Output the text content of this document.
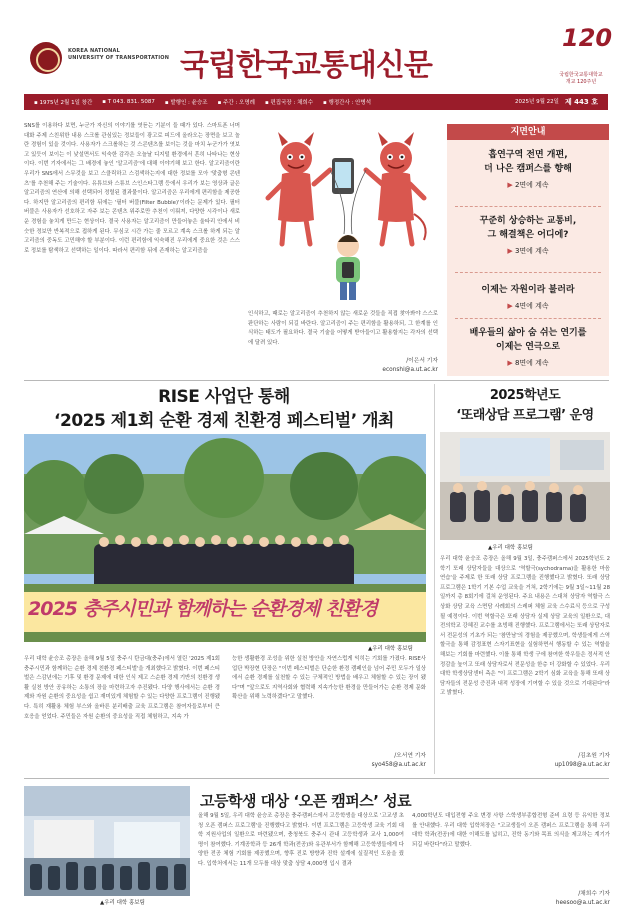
KOREA NATIONAL
UNIVERSITY OF TRANSPORTATION 국립한국교통대신문
120
국립한국교통대학교
개교 120주년
▪ 1975년 2월 1일 창간 ▪ T 043. 831. 5087 ▪ 발행인 : 윤승조 ▪ 주간 : 오명례 ▪ 편집국장 : 채희수 ▪ 행정간사 : 안병석	2025년 9월 22일 제 443 호
SNS를 이용하다 보면, 누군가 자신의 이야기를 엿듣는 기분이 들 때가 있다. 스마트폰 너머 대화 주제 스친위한 내용 스크롤 관심있는 정보들이 광고로 피드에 올라오는 장면을 보고 놀란 경험이 있을 것이다. 사용자가 스크롤하는 것 스콘텐츠를 보이는 것을 마치 누군가가 엿보고 있듯이 보이는 이 낯설면서도 익숙한 감각은 오늘날 디지털 환경에서 흔히 나타나는 현상이다. 이번 기자에서는 그 배경에 놓인 '알고리즘'에 대해 이야기해 보고 한다. 알고리즘이란 우리가 SNS에서 스무것을 보고 스클릭하고 스검색하는지에 대한 정보를 모아 '맞춤형 콘텐츠'를 추천해 주는 기술이다. 유튜브와 스튜브 스인스타그램 등에서 우리가 보는 영상과 글은 알고리즘의 연산에 의해 선택되어 정렬된 결과물이다. 알고리즘은 우리에게 편리함을 제공한다. 하지만 알고리즘의 편리함 뒤에는 '필터 버블(Filter Bubble)'이라는 문제가 있다. 필터 버블은 사용자가 선호하고 자주 보는 콘텐츠 위주로만 추천이 이뤄져, 다양한 시각이나 새로운 경험을 놓치게 만드는 현상이다. 결국 사용자는 알고리즘이 만들어놓은 울타리 안에서 비슷한 정보만 반복적으로 접하게 된다. 무심코 시간 가는 줄 모르고 계속 스크롤 하게 되는 알고리즘의 중독도 고민해야 할 부분이다. 이런 편리함에 익숙해진 우리에게 중요한 것은 스스로 정보를 탐색하고 선택하는 일이다. 따라서 편리함 뒤에 존재하는 알고리즘을
인식하고, 때로는 알고리즘이 추천하지 않는 새로운 것들을 직접 찾아봐야 스스로 판단하는 사람이 되길 바란다. 알고리즘이 주는 편리함을 활용하되, 그 한계를 인식하는 태도가 필요하다. 결국 기술을 어떻게 받아들이고 활용할지는 각자의 선택에 달려 있다.
/이은서 기자
econshi@a.ut.ac.kr
지면안내
흡연구역 전면 개편,
더 나은 캠퍼스를 향해
▶ 2면에 계속
꾸준히 상승하는 교통비,
그 해결책은 어디에?
▶ 3면에 계속
이제는 자원이라 불러라
▶ 4면에 계속
배우들의 삶아 숨 쉬는 연기를
이제는 연극으로
▶ 8면에 계속
RISE 사업단 통해
‘2025 제1회 순환 경제 친환경 페스티벌’ 개최
2025 충주시민과 함께하는 순환경제 친환경
▲우리 대학 홍보팀
우리 대학 윤승조 총장은 올해 9월 5일 충주시 탄금대(충주)에서 열린 '2025 제1회 충주시민과 함께하는 순환 경제 친환경 페스티벌'을 개최했다고 밝혔다. 이번 페스티벌은 스감년에는 기후 및 환경 문제에 대한 인식 제고 스순환 경제 기반의 친환경 생활 실천 방안 공유하는 소통의 장을 마련하고자 추진됐다. 다양 행사에서는 순환 경제와 자원 순환의 중요성을 쉽고 재미있게 체험할 수 있는 다양한 프로그램이 진행됐다. 특히 재활용 체험 부스와 올바른 분리배출 교육 프로그램은 참여자들로부터 큰 호응을 얻었다. 주민들은 자원 순환의 중요성을 직접 체험하고, 지속 가
능한 생활환경 조성을 위한 실천 방안을 자연스럽게 익히는 기회를 가졌다. RISE사업단 박장현 단장은 "이번 페스티벌은 단순한 환경 캠페인을 넘어 주민 모두가 일상에서 순환 경제를 실천할 수 있는 구체적인 방법을 배우고 체험할 수 있는 장이 됐다"며 "앞으로도 지역사회와 협력해 지속가능한 환경을 만들어가는 순환 경제 문화 확산을 위해 노력하겠다"고 말했다.
/오서연 기자
syo458@a.ut.ac.kr
2025학년도
‘또래상담 프로그램’ 운영
▲우리 대학 홍보팀
우리 대학 윤승조 총장은 올해 9월 3일, 충주캠퍼스에서 2025학년도 2학기 또래 상담자들을 대상으로 '역할극(sychodrama)을 활용한 마음 연습'을 주제로 한 또래 상담 프로그램을 진행했다고 밝혔다. 또래 상담 프로그램은 1학기 기본 수업 교육을 거쳐, 2학기에는 9월 3일~11월 28일까지 총 8회기에 걸쳐 운영된다. 주요 내용은 스대처 상담자 역할극 스상화 상담 교육 스면담 사례회의 스레퍼 체험 교육 스수료식 등으로 구성될 예정이다. 이번 역할극은 또래 상담자 실제 상담 교육의 일환으로, 대전의학교 강혜진 교수를 초빙해 진행했다. 프로그램에서는 또래 상담자로서 전문성의 기초가 되는 '참만남'의 경험을 제공했으며, 학생들에게 스역할극을 통해 감정표현 스자기표현을 실험하면서 행동할 수 있는 역할을 해보는 기회를 마련했다. 이를 통해 학생 구에 참여한 학우들은 정서적 안정감을 높이고 또래 상담자로서 전문성을 한층 더 강화할 수 있었다. 우리 대학 학생상담센터 측은 "이 프로그램은 2학기 심화 교육을 통해 또래 상담자들의 전문성 증진과 내적 성장에 기여할 수 있을 것으로 기대된다"라고 밝혔다.
/김초원 기자
up1098@a.ut.ac.kr
고등학생 대상 ‘오픈 캠퍼스’ 성료
▲우리 대학 홍보팀
올해 9월 5일, 우리 대학 윤승조 총장은 충주캠퍼스에서 고등학생을 대상으로 '고교생 초청 오픈 캠퍼스 프로그램'을 진행했다고 밝혔다. 이번 프로그램은 고등학생 교육 기회 대학 지원사업의 일환으로 마련됐으며, 충청북도 충주시 관내 고등학생과 교사 1,000여 명이 참여했다. 기계공학과 등 26개 학과(전공)와 유관부서가 함께해 고등학생들에게 다양한 전공 체험 기회를 제공했으며, 향후 진로 방향과 진학 설계에 실질적인 도움을 줬다. 입학처에서는 11개 모두를 대상 맞춤 상담 4,000명 입시 결과
4,000학년도 대입전형 주요 변경 사항 스학생부종합전형 준비 요령 등 유익한 정보를 안내했다. 우리 대학 입학처장은 "고교생들이 오픈 캠퍼스 프로그램을 통해 우리 대학 학과(전공)에 대한 이해도를 넓히고, 진학 동기와 목표 의식을 제고하는 계기가 되길 바란다"라고 말했다.
/채희수 기자
heesoo@a.ut.ac.kr
